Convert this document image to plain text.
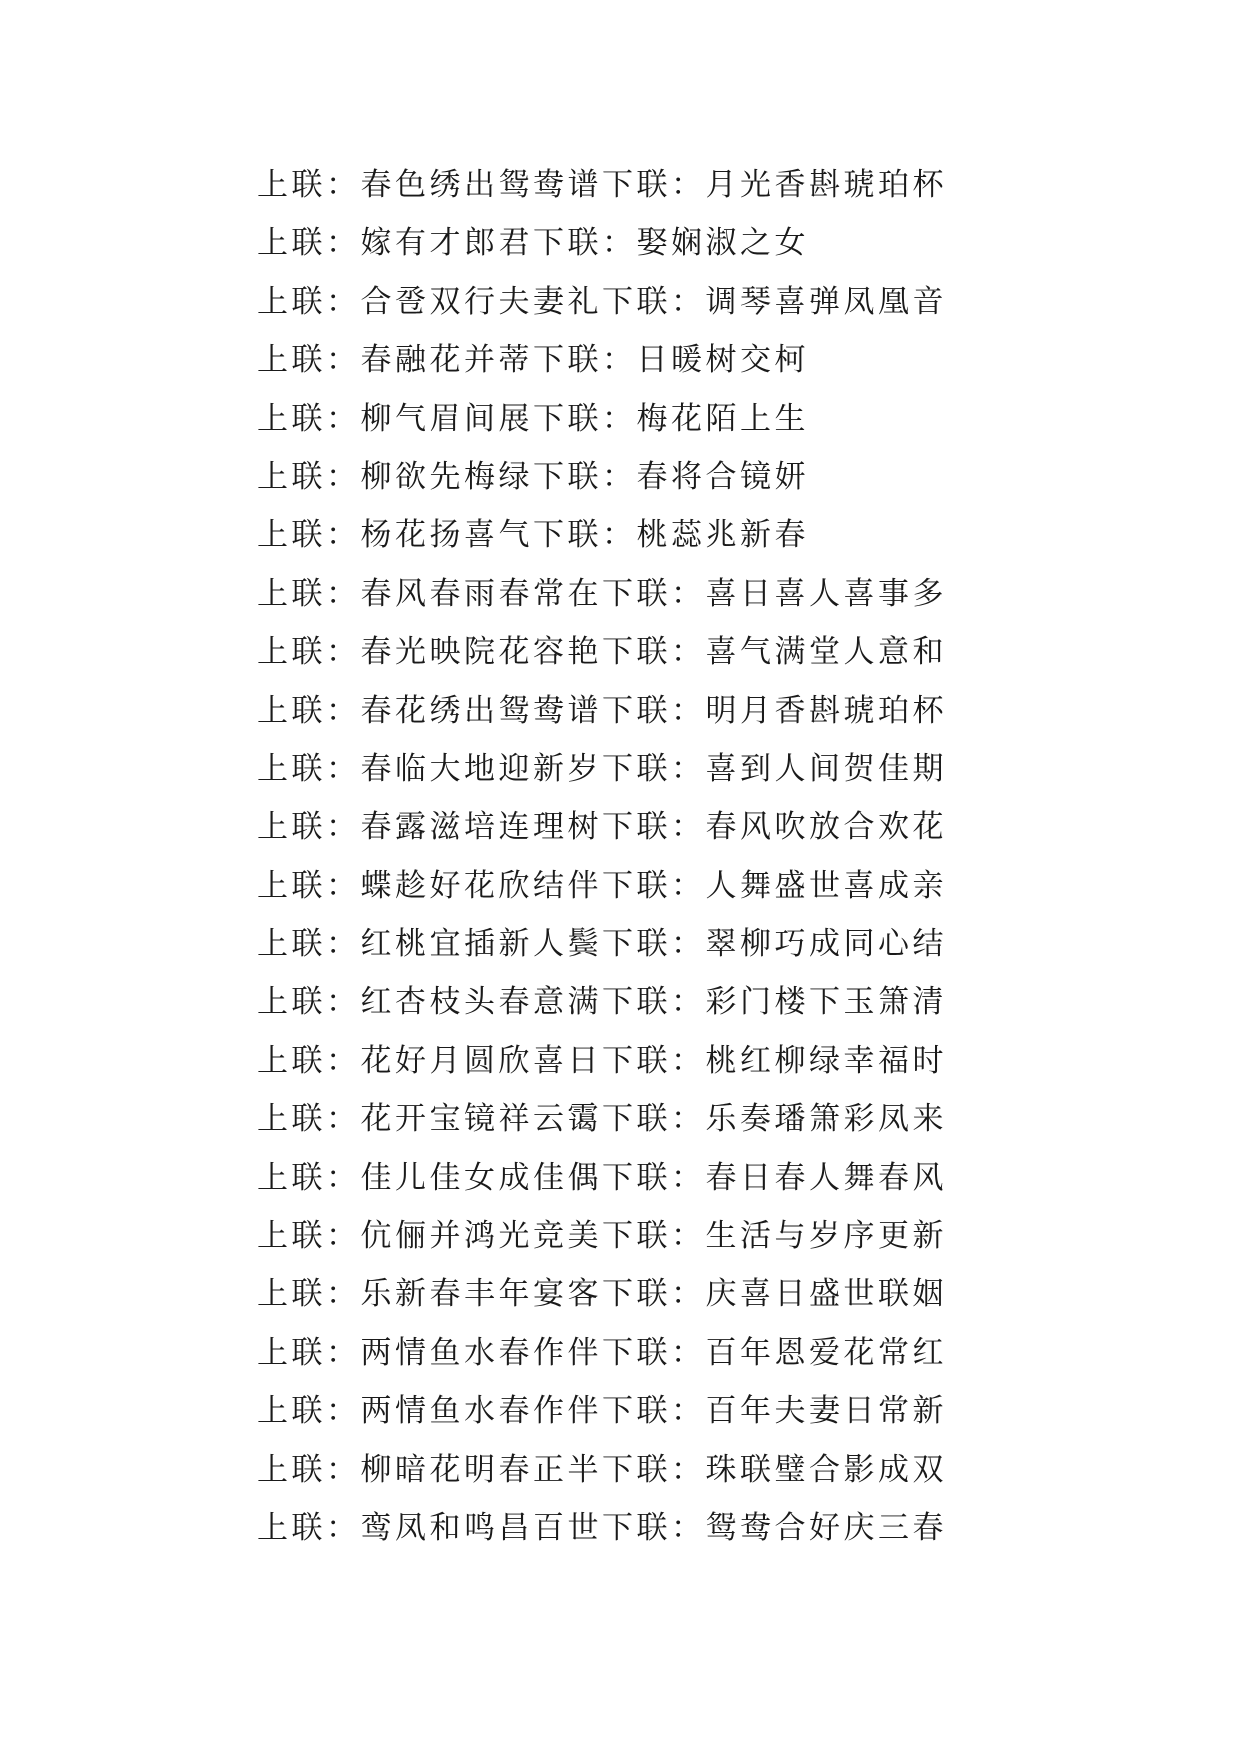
上联：春色绣出鸳鸯谱下联：月光香斟琥珀杯
上联：嫁有才郎君下联：娶娴淑之女
上联：合卺双行夫妻礼下联：调琴喜弹凤凰音
上联：春融花并蒂下联：日暖树交柯
上联：柳气眉间展下联：梅花陌上生
上联：柳欲先梅绿下联：春将合镜妍
上联：杨花扬喜气下联：桃蕊兆新春
上联：春风春雨春常在下联：喜日喜人喜事多
上联：春光映院花容艳下联：喜气满堂人意和
上联：春花绣出鸳鸯谱下联：明月香斟琥珀杯
上联：春临大地迎新岁下联：喜到人间贺佳期
上联：春露滋培连理树下联：春风吹放合欢花
上联：蝶趁好花欣结伴下联：人舞盛世喜成亲
上联：红桃宜插新人鬓下联：翠柳巧成同心结
上联：红杏枝头春意满下联：彩门楼下玉箫清
上联：花好月圆欣喜日下联：桃红柳绿幸福时
上联：花开宝镜祥云霭下联：乐奏璠箫彩凤来
上联：佳儿佳女成佳偶下联：春日春人舞春风
上联：伉俪并鸿光竞美下联：生活与岁序更新
上联：乐新春丰年宴客下联：庆喜日盛世联姻
上联：两情鱼水春作伴下联：百年恩爱花常红
上联：两情鱼水春作伴下联：百年夫妻日常新
上联：柳暗花明春正半下联：珠联璧合影成双
上联：鸾凤和鸣昌百世下联：鸳鸯合好庆三春
